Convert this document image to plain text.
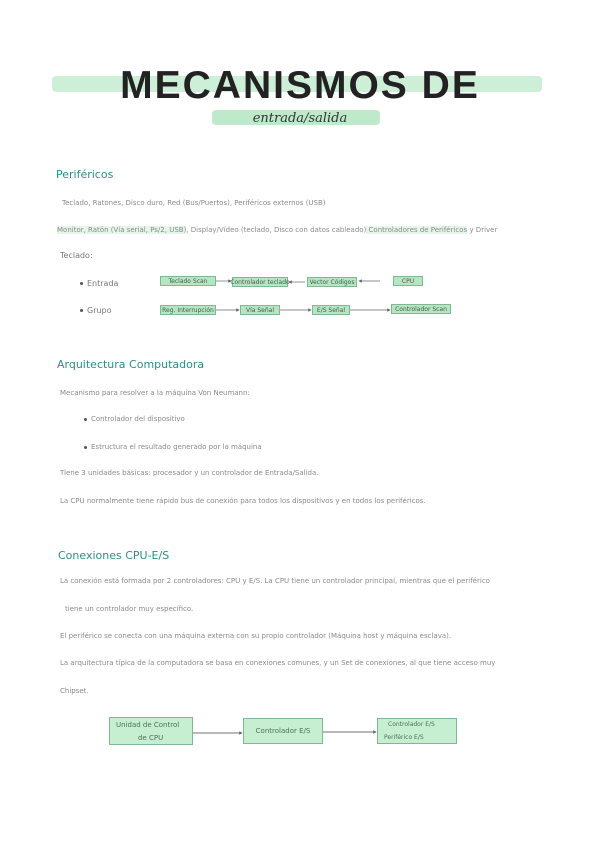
MECANISMOS DE
entrada/salida
Periféricos
Teclado, Ratones, Disco duro, Red (Bus/Puertos), Periféricos externos (USB)
Monitor, Ratón (Vía serial, Ps/2, USB), Display/Vídeo (teclado, Disco con datos cableado) Controladores de Periféricos y Driver
Teclado:
Entrada
Grupo
Teclado Scan	Controlador teclado	Vector Códigos	CPU
Reg. Interrupción	Vía Señal	E/S Señal	Controlador Scan
Arquitectura Computadora
Mecanismo para resolver a la máquina Von Neumann:
Controlador del dispositivo
Estructura el resultado generado por la máquina
Tiene 3 unidades básicas: procesador y un controlador de Entrada/Salida.
La CPU normalmente tiene rápido bus de conexión para todos los dispositivos y en todos los periféricos.
Conexiones CPU-E/S
La conexión está formada por 2 controladores: CPU y E/S. La CPU tiene un controlador principal, mientras que el periférico
tiene un controlador muy específico.
El periférico se conecta con una máquina externa con su propio controlador (Máquina host y máquina esclava).
La arquitectura típica de la computadora se basa en conexiones comunes, y un Set de conexiones, al que tiene acceso muy
Chipset.
Unidad de Control
de CPU
Controlador E/S
Controlador E/S
Periférico E/S
